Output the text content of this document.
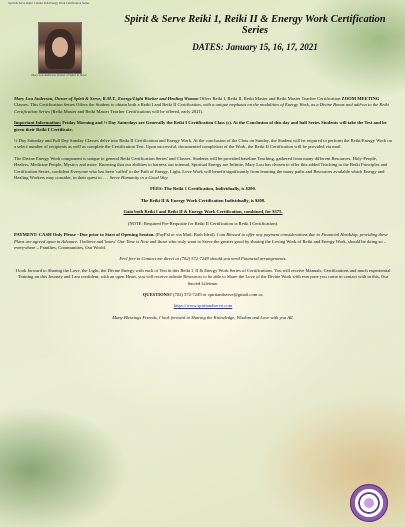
Spirit & Serve Reiki 1, Reiki II & Energy Work Certification Series
Mary Lou Anderson, Owner of Spirit & Serve
Spirit & Serve Reiki 1, Reiki II & Energy Work Certification Series
DATES: January 15, 16, 17, 2021

Mary Lou Anderson, Owner of Spirit & Serve, R.M.T., Energy/Light Worker and Healing Woman Offers Reiki I, Reiki II, Reiki Master and Reiki Master Teacher Certification ZOOM MEETING Classes. This Certification Series Offers the Student to obtain both a Reiki I and Reiki II Certification, with a unique emphasis on the modalities of Energy Work, as a Divine Bonus and add-on to the Reiki Certification Series (Reiki Master and Reiki Master Teacher Certifications will be offered, early 2021).

Important Information: Friday Morning and ½ Day Saturdays are Generally the Reiki I Certification Class (s). At the Conclusion of this day and half Series Students will take the Test and be given their Reiki I Certificate.

½ Day Saturday and Full Day Sunday Classes delve into Reiki II Certification and Energy Work. At the conclusion of the Class on Sunday, the Student will be required to perform the Reiki/Energy Work on a select number of recipients as well as complete the Certification Test. Upon successful, documented completion of the Work, the Reiki II Certification will be provided via mail.

The Divine Energy Work component is unique to general Reiki Certification Series' and Classes. Students will be provided baseline Teaching, gathered from many different Resources, Holy-People, Healers, Medicine People, Mystics and more. Knowing that our abilities to harness our internal, Spiritual Energy are Infinite, Mary Lou has chosen to offer this added Teaching to the Reiki Principles and Certification Series, confident Everyone who has been 'called' to the Path of Energy, Light, Love Work will benefit significantly from learning the many paths and Resources available which Energy and Healing Workers may consider, in their quest to . . . Serve Humanity in a Good Way.

FEES: The Reiki 1 Certification, Individually, is $200.

The Reiki II & Energy Work Certification Individually, is $200.

Gain both Reiki I and Reiki II & Energy Work Certification, combined, for $375.

(NOTE: Required Pre-Requisite for Reiki II Certification is Reiki I Certification).

PAYMENT: CASH Only Please - Due prior to Start of Opening Session. (PayPal or via Mail, Both Ideal). I am Blessed to offer any payment considerations due to Financial Hardship, providing these Plans are agreed upon in Advance. I believe and 'know' Our Time is Now and those who truly want to Serve the greater good by sharing the Loving Work of Reiki and Energy Work, should be doing so – everywhere – Families, Communities, Our World.

Feel free to Contact me direct at (702) 572-7249 should you need Financial arrangements.

I look forward to Sharing the Love, the Light, the Divine Energy with each of You in this Reiki I, II & Energy Work Series of Certifications. You will receive Manuals, Certifications and much experiential Training on this Journey and I am confident, with an open Heart, you will receive infinite Resources to be able to Share the Love of the Divine Work with everyone you come in contact with in this, Our Sacred Lifetime.

QUESTIONS? (702) 572-7249 or spiritandserve@gmail.com or,

https://www.spiritandserve.com

Many Blessings Friends, I look forward to Sharing the Knowledge, Wisdom and Love with you All.
